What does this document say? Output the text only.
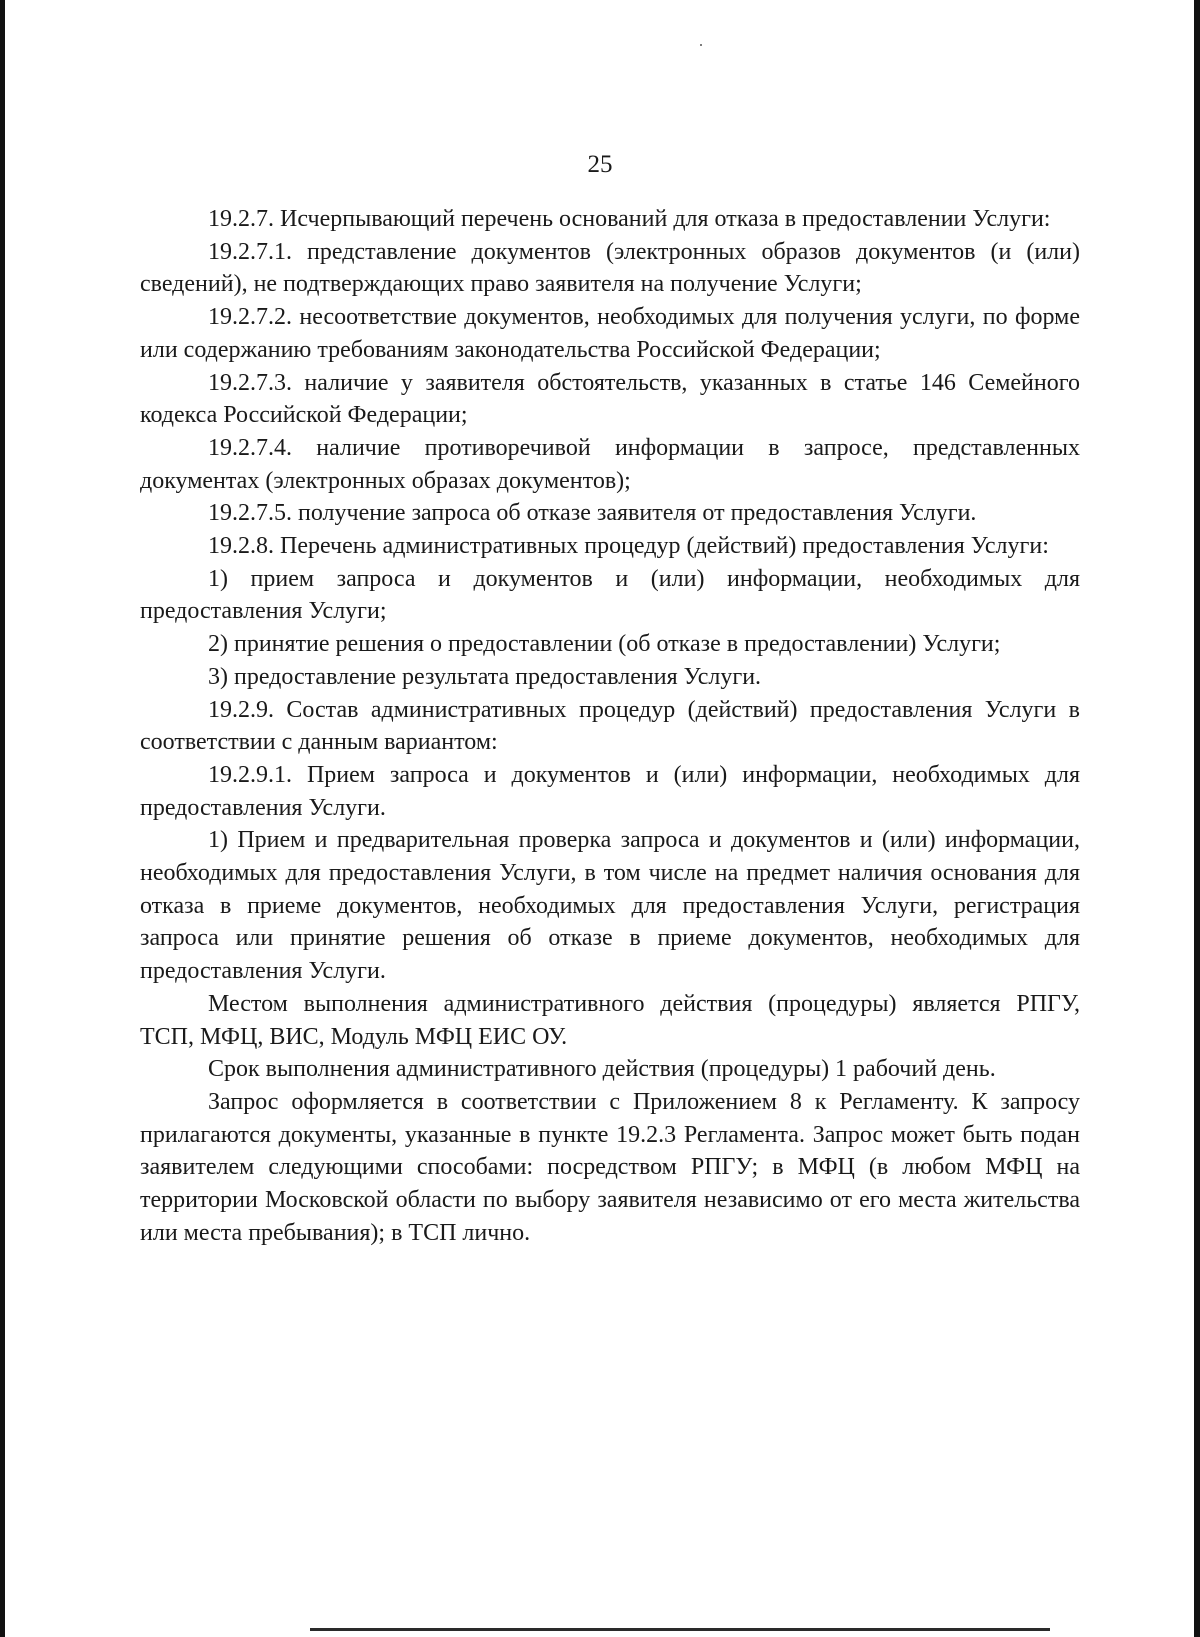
25

19.2.7. Исчерпывающий перечень оснований для отказа в предоставлении Услуги:

19.2.7.1. представление документов (электронных образов документов (и (или) сведений), не подтверждающих право заявителя на получение Услуги;

19.2.7.2. несоответствие документов, необходимых для получения услуги, по форме или содержанию требованиям законодательства Российской Федерации;

19.2.7.3. наличие у заявителя обстоятельств, указанных в статье 146 Семейного кодекса Российской Федерации;

19.2.7.4. наличие противоречивой информации в запросе, представленных документах (электронных образах документов);

19.2.7.5. получение запроса об отказе заявителя от предоставления Услуги.

19.2.8. Перечень административных процедур (действий) предоставления Услуги:

1) прием запроса и документов и (или) информации, необходимых для предоставления Услуги;

2) принятие решения о предоставлении (об отказе в предоставлении) Услуги;

3) предоставление результата предоставления Услуги.

19.2.9. Состав административных процедур (действий) предоставления Услуги в соответствии с данным вариантом:

19.2.9.1. Прием запроса и документов и (или) информации, необходимых для предоставления Услуги.

1) Прием и предварительная проверка запроса и документов и (или) информации, необходимых для предоставления Услуги, в том числе на предмет наличия основания для отказа в приеме документов, необходимых для предоставления Услуги, регистрация запроса или принятие решения об отказе в приеме документов, необходимых для предоставления Услуги.

Местом выполнения административного действия (процедуры) является РПГУ, ТСП, МФЦ, ВИС, Модуль МФЦ ЕИС ОУ.

Срок выполнения административного действия (процедуры) 1 рабочий день.

Запрос оформляется в соответствии с Приложением 8 к Регламенту. К запросу прилагаются документы, указанные в пункте 19.2.3 Регламента. Запрос может быть подан заявителем следующими способами: посредством РПГУ; в МФЦ (в любом МФЦ на территории Московской области по выбору заявителя независимо от его места жительства или места пребывания); в ТСП лично.
